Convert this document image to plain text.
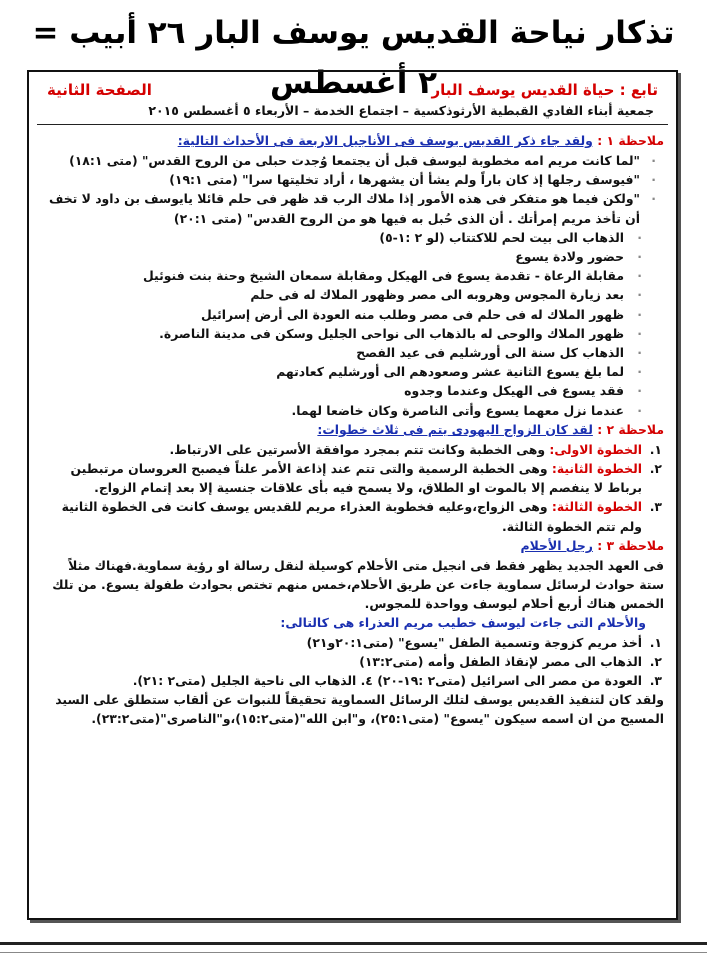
تذكار نياحة القديس يوسف البار ٢٦ أبيب = ٢ أغسطس
تابع : حياة القديس يوسف البار
الصفحة الثانية
جمعية أبناء الفادي القبطية الأرثوذكسية – اجتماع الخدمة – الأربعاء ٥ أغسطس ٢٠١٥

ملاحظة ١ : ولقد جاء ذكر القديس يوسف فى الأناجيل الاربعة فى الأحداث التالية:

·
"لما كانت مريم امه مخطوبة ليوسف قبل أن يجتمعا وُجدت حبلى من الروح القدس" (متى ١٨:١)

·
"فيوسف رجلها إذ كان باراً ولم يشأ أن يشهرها ، أراد تخليتها سرا" (متى ١٩:١)

·
"ولكن فيما هو متفكر فى هذه الأمور إذا ملاك الرب قد ظهر فى حلم قائلا يايوسف بن داود لا تخف أن تأخذ مريم إمرأتك . أن الذى حُبل به فيها هو من الروح القدس" (متى ٢٠:١)

·
الذهاب الى بيت لحم للاكتتاب (لو ٢ :١-٥)

·
حضور ولادة يسوع

·
مقابلة الرعاة - تقدمة يسوع فى الهيكل ومقابلة سمعان الشيخ وحنة بنت فنوئيل

·
بعد زيارة المجوس وهروبه الى مصر وظهور الملاك له فى حلم

·
ظهور الملاك له فى حلم فى مصر وطلب منه العودة الى أرض إسرائيل

·
ظهور الملاك والوحى له بالذهاب الى نواحى الجليل وسكن فى مدينة الناصرة.

·
الذهاب كل سنة الى أورشليم فى عيد الفصح

·
لما بلغ يسوع الثانية عشر وصعودهم الى أورشليم كعادتهم

·
فقد يسوع فى الهيكل وعندما وجدوه

·
عندما نزل معهما يسوع وأتى الناصرة وكان خاضعا لهما.

ملاحظة ٢ : لقد كان الزواج اليهودى يتم فى ثلاث خطوات:

١.
الخطوة الاولى: وهى الخطبة وكانت تتم بمجرد موافقة الأسرتين على الارتباط.

٢.
الخطوة الثانية: وهى الخطبة الرسمية والتى تتم عند إذاعة الأمر علناً فيصبح العروسان مرتبطين برباط لا ينفصم إلا بالموت او الطلاق، ولا يسمح فيه بأى علاقات جنسية إلا بعد إتمام الزواج.

٣.
الخطوة الثالثة: وهى الزواج،وعليه فخطوبة العذراء مريم للقديس يوسف كانت فى الخطوة الثانية ولم تتم الخطوة الثالثة.

ملاحظة ٣ : رجل الأحلام

فى العهد الجديد يظهر فقط فى انجيل متى الأحلام كوسيلة لنقل رسالة او رؤية سماوية.فهناك مثلاً ستة حوادث لرسائل سماوية جاءت عن طريق الأحلام،خمس منهم تختص بحوادث طفولة يسوع. من تلك الخمس هناك أربع أحلام ليوسف وواحدة للمجوس.

والأحلام التى جاءت ليوسف خطيب مريم العذراء هى كالتالى:

١.
أخذ مريم كزوجة وتسمية الطفل "يسوع" (متى٢٠:١و٢١)

٢.
الذهاب الى مصر لإنقاذ الطفل وأمه (متى١٣:٢)

٣.
العودة من مصر الى اسرائيل (متى٢ :١٩-٢٠) ٤. الذهاب الى ناحية الجليل (متى٢ :٢١).

ولقد كان لتنفيذ القديس يوسف لتلك الرسائل السماوية تحقيقاً للنبوات عن ألقاب ستطلق على السيد المسيح من ان اسمه سيكون "يسوع" (متى٢٥:١)، و"ابن الله"(متى١٥:٢)،و"الناصرى"(متى٢٣:٢).
